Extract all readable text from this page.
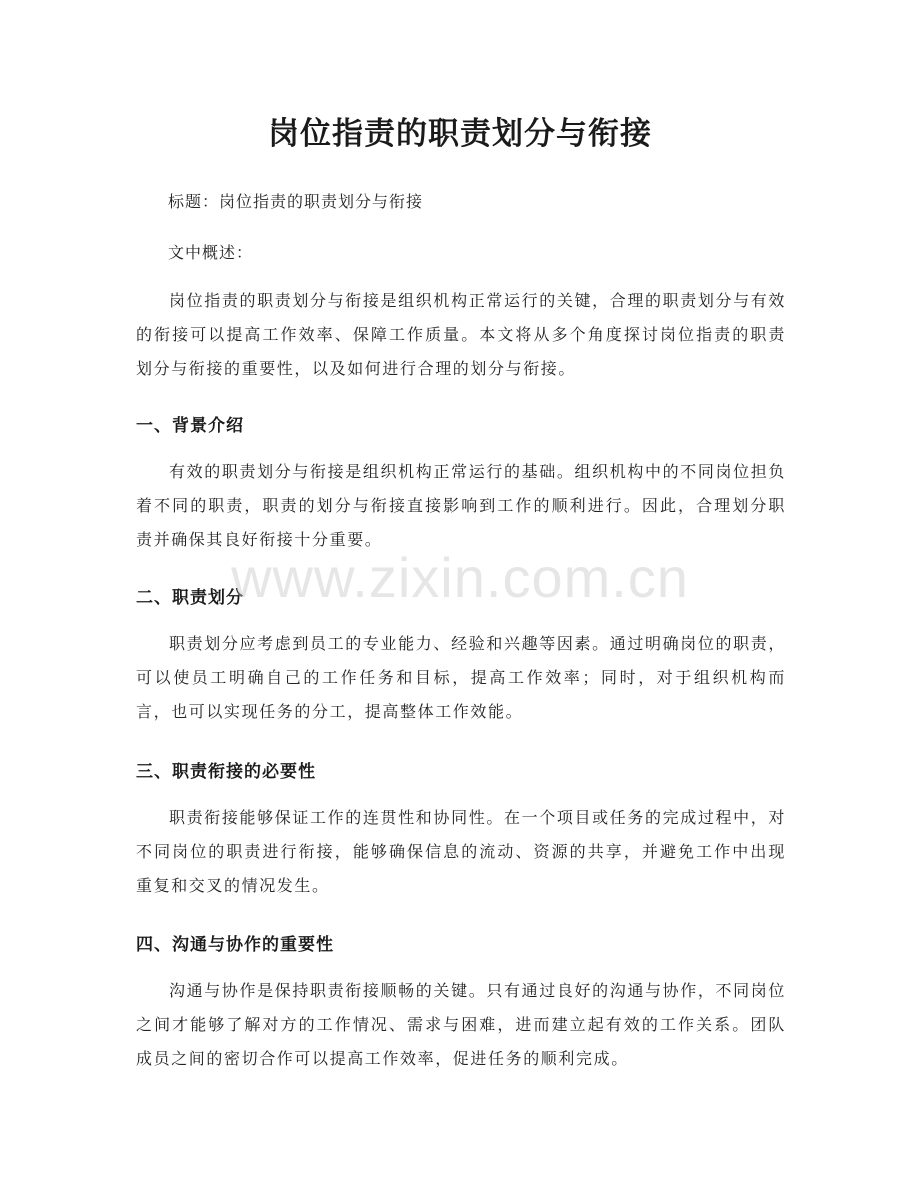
岗位指责的职责划分与衔接
标题：岗位指责的职责划分与衔接
文中概述：
岗位指责的职责划分与衔接是组织机构正常运行的关键，合理的职责划分与有效的衔接可以提高工作效率、保障工作质量。本文将从多个角度探讨岗位指责的职责划分与衔接的重要性，以及如何进行合理的划分与衔接。
一、背景介绍
有效的职责划分与衔接是组织机构正常运行的基础。组织机构中的不同岗位担负着不同的职责，职责的划分与衔接直接影响到工作的顺利进行。因此，合理划分职责并确保其良好衔接十分重要。
二、职责划分
职责划分应考虑到员工的专业能力、经验和兴趣等因素。通过明确岗位的职责，可以使员工明确自己的工作任务和目标，提高工作效率；同时，对于组织机构而言，也可以实现任务的分工，提高整体工作效能。
三、职责衔接的必要性
职责衔接能够保证工作的连贯性和协同性。在一个项目或任务的完成过程中，对不同岗位的职责进行衔接，能够确保信息的流动、资源的共享，并避免工作中出现重复和交叉的情况发生。
四、沟通与协作的重要性
沟通与协作是保持职责衔接顺畅的关键。只有通过良好的沟通与协作，不同岗位之间才能够了解对方的工作情况、需求与困难，进而建立起有效的工作关系。团队成员之间的密切合作可以提高工作效率，促进任务的顺利完成。
www.zixin.com.cn
